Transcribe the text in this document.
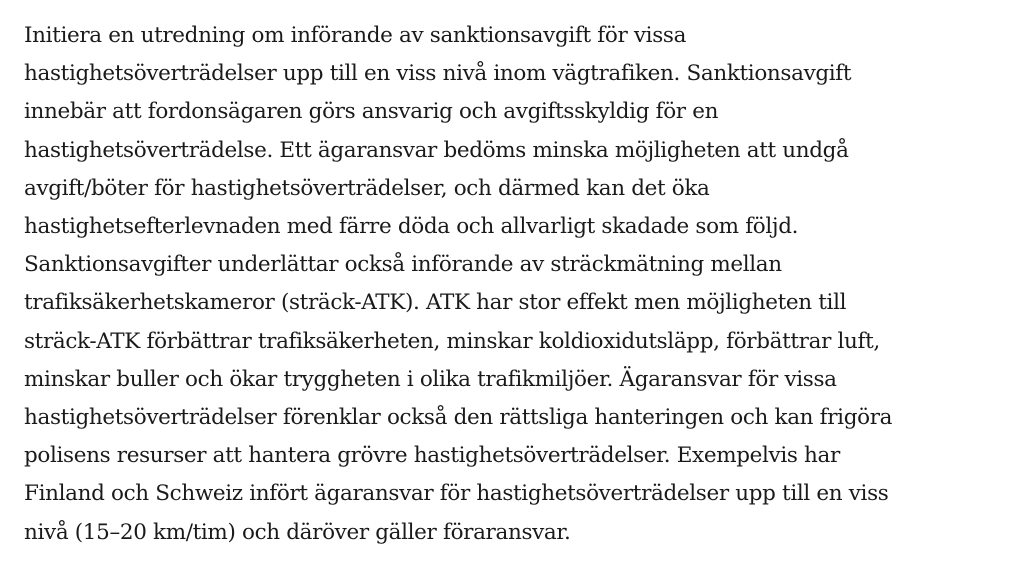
Initiera en utredning om införande av sanktionsavgift för vissa
hastighetsöverträdelser upp till en viss nivå inom vägtrafiken. Sanktionsavgift
innebär att fordonsägaren görs ansvarig och avgiftsskyldig för en
hastighetsöverträdelse. Ett ägaransvar bedöms minska möjligheten att undgå
avgift/böter för hastighetsöverträdelser, och därmed kan det öka
hastighetsefterlevnaden med färre döda och allvarligt skadade som följd.
Sanktionsavgifter underlättar också införande av sträckmätning mellan
trafiksäkerhetskameror (sträck-ATK). ATK har stor effekt men möjligheten till
sträck-ATK förbättrar trafiksäkerheten, minskar koldioxidutsläpp, förbättrar luft,
minskar buller och ökar tryggheten i olika trafikmiljöer. Ägaransvar för vissa
hastighetsöverträdelser förenklar också den rättsliga hanteringen och kan frigöra
polisens resurser att hantera grövre hastighetsöverträdelser. Exempelvis har
Finland och Schweiz infört ägaransvar för hastighetsöverträdelser upp till en viss
nivå (15–20 km/tim) och däröver gäller föraransvar.
